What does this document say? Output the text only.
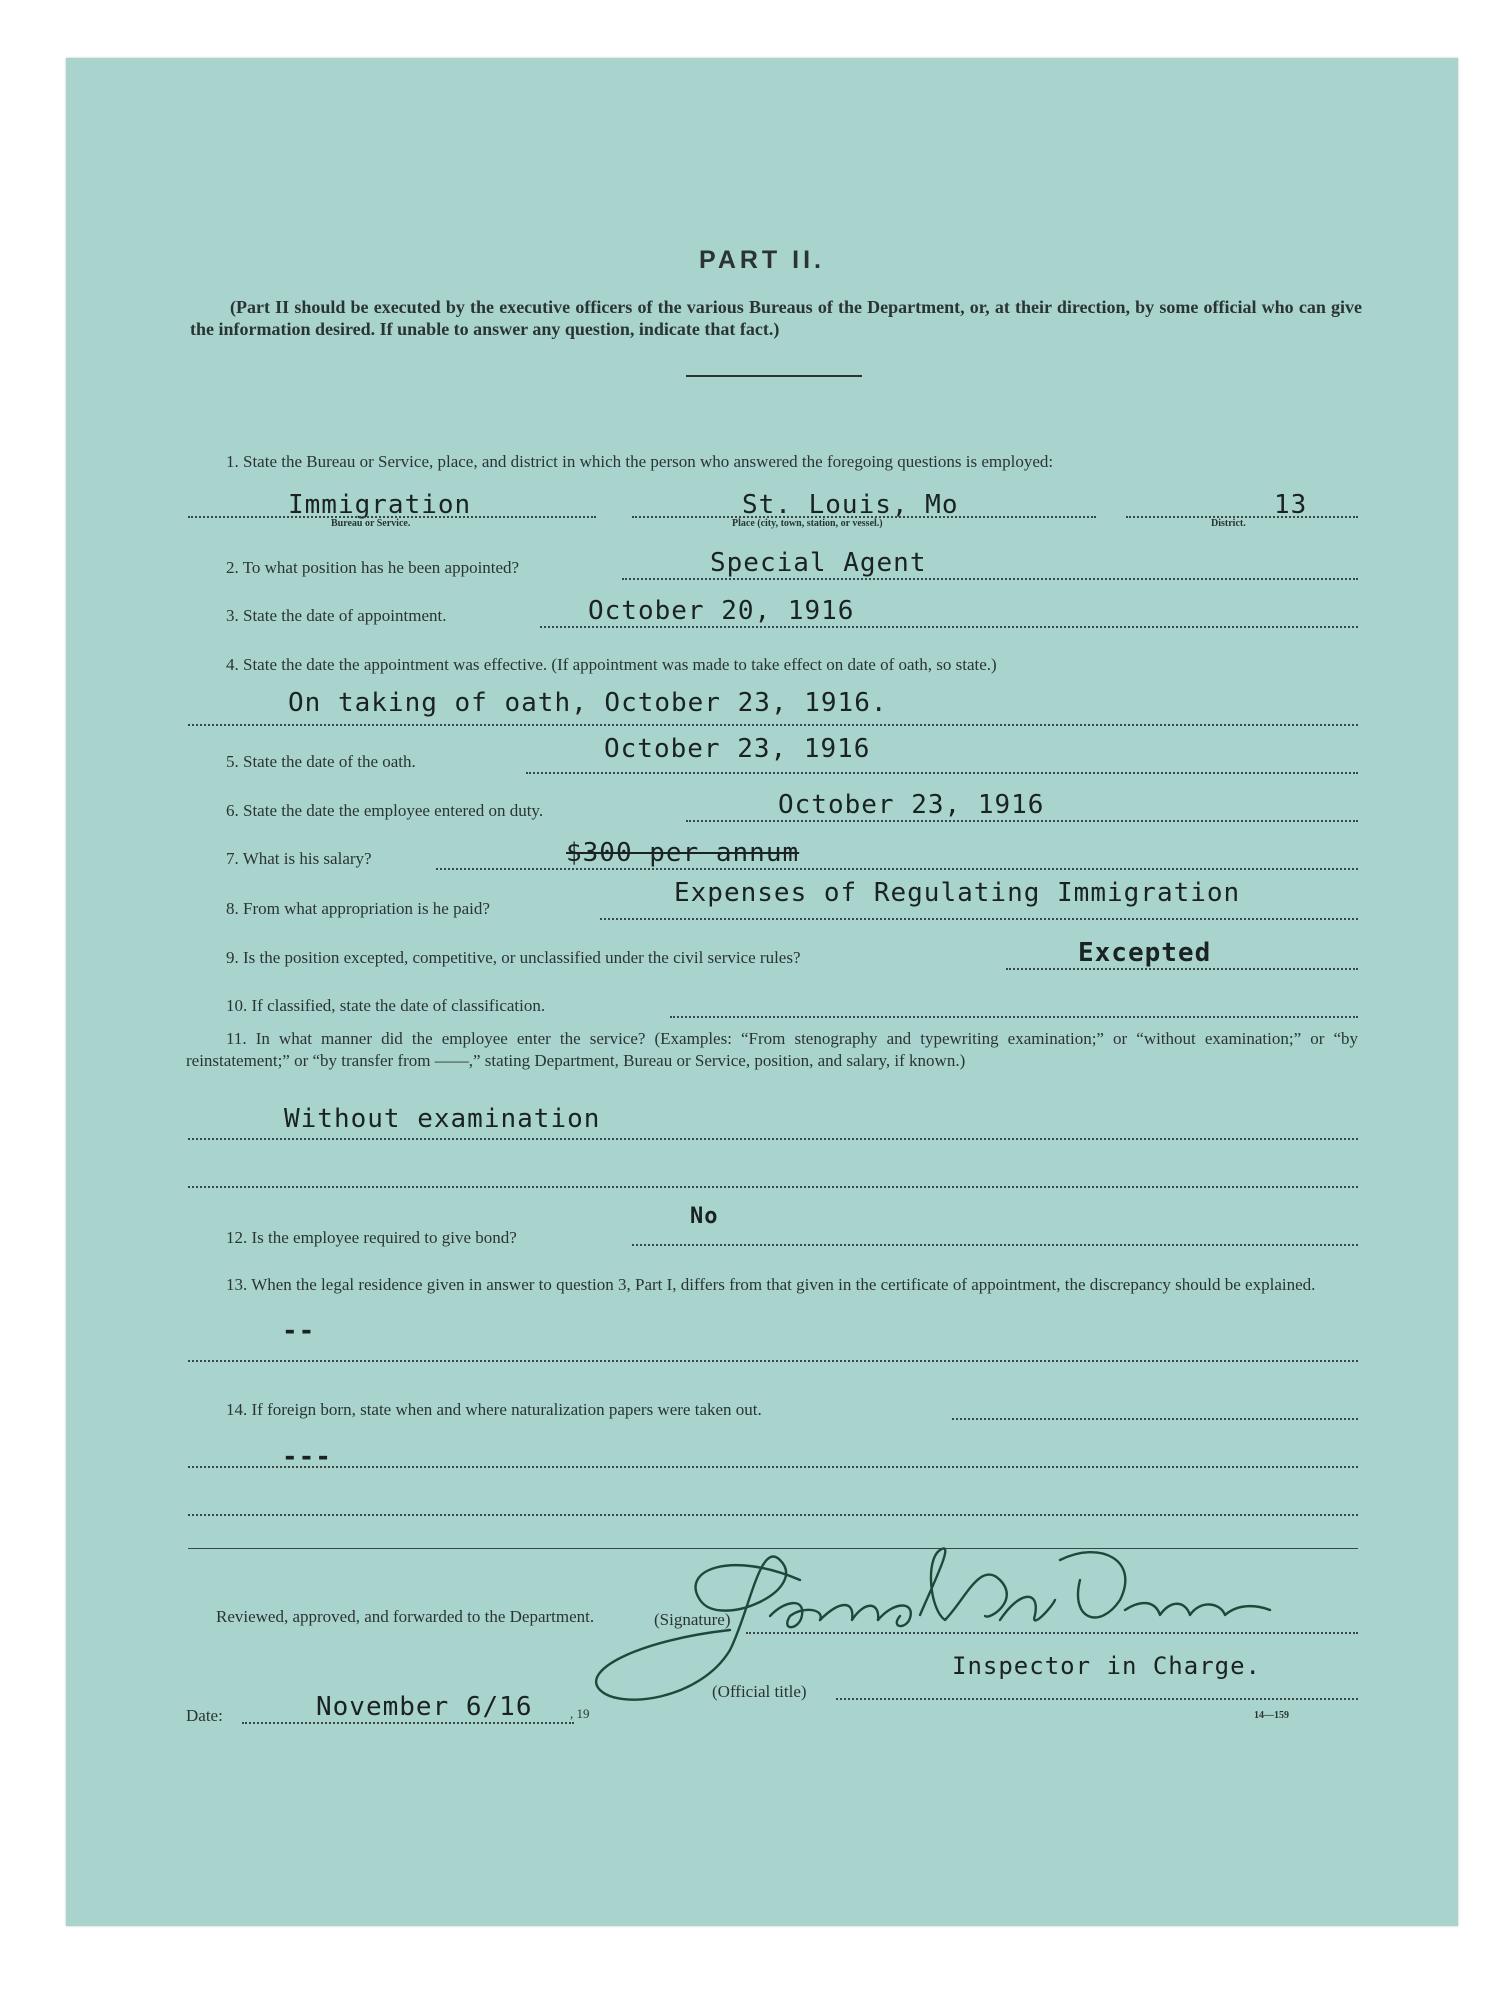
PART II.
(Part II should be executed by the executive officers of the various Bureaus of the Department, or, at their direction, by some official who can give the information desired. If unable to answer any question, indicate that fact.)
1. State the Bureau or Service, place, and district in which the person who answered the foregoing questions is employed:
Immigration
Bureau or Service.
St. Louis, Mo
Place (city, town, station, or vessel.)
13
District.
2. To what position has he been appointed?	Special Agent
3. State the date of appointment.	October 20, 1916
4. State the date the appointment was effective. (If appointment was made to take effect on date of oath, so state.)
On taking of oath, October 23, 1916.
5. State the date of the oath.	October 23, 1916
6. State the date the employee entered on duty.	October 23, 1916
7. What is his salary?	$300 per annum
8. From what appropriation is he paid?
Expenses of Regulating Immigration
9. Is the position excepted, competitive, or unclassified under the civil service rules?	Excepted
10. If classified, state the date of classification.
11. In what manner did the employee enter the service? (Examples: “From stenography and typewriting examination;” or “without examination;” or “by reinstatement;” or “by transfer from ——,” stating Department, Bureau or Service, position, and salary, if known.)
Without examination
12. Is the employee required to give bond?
No
13. When the legal residence given in answer to question 3, Part I, differs from that given in the certificate of appointment, the discrepancy should be explained.
--
14. If foreign born, state when and where naturalization papers were taken out.
---
Reviewed, approved, and forwarded to the Department.	(Signature)
(Official title)
Inspector in Charge.
Date:	November 6/16	, 19	14—159
